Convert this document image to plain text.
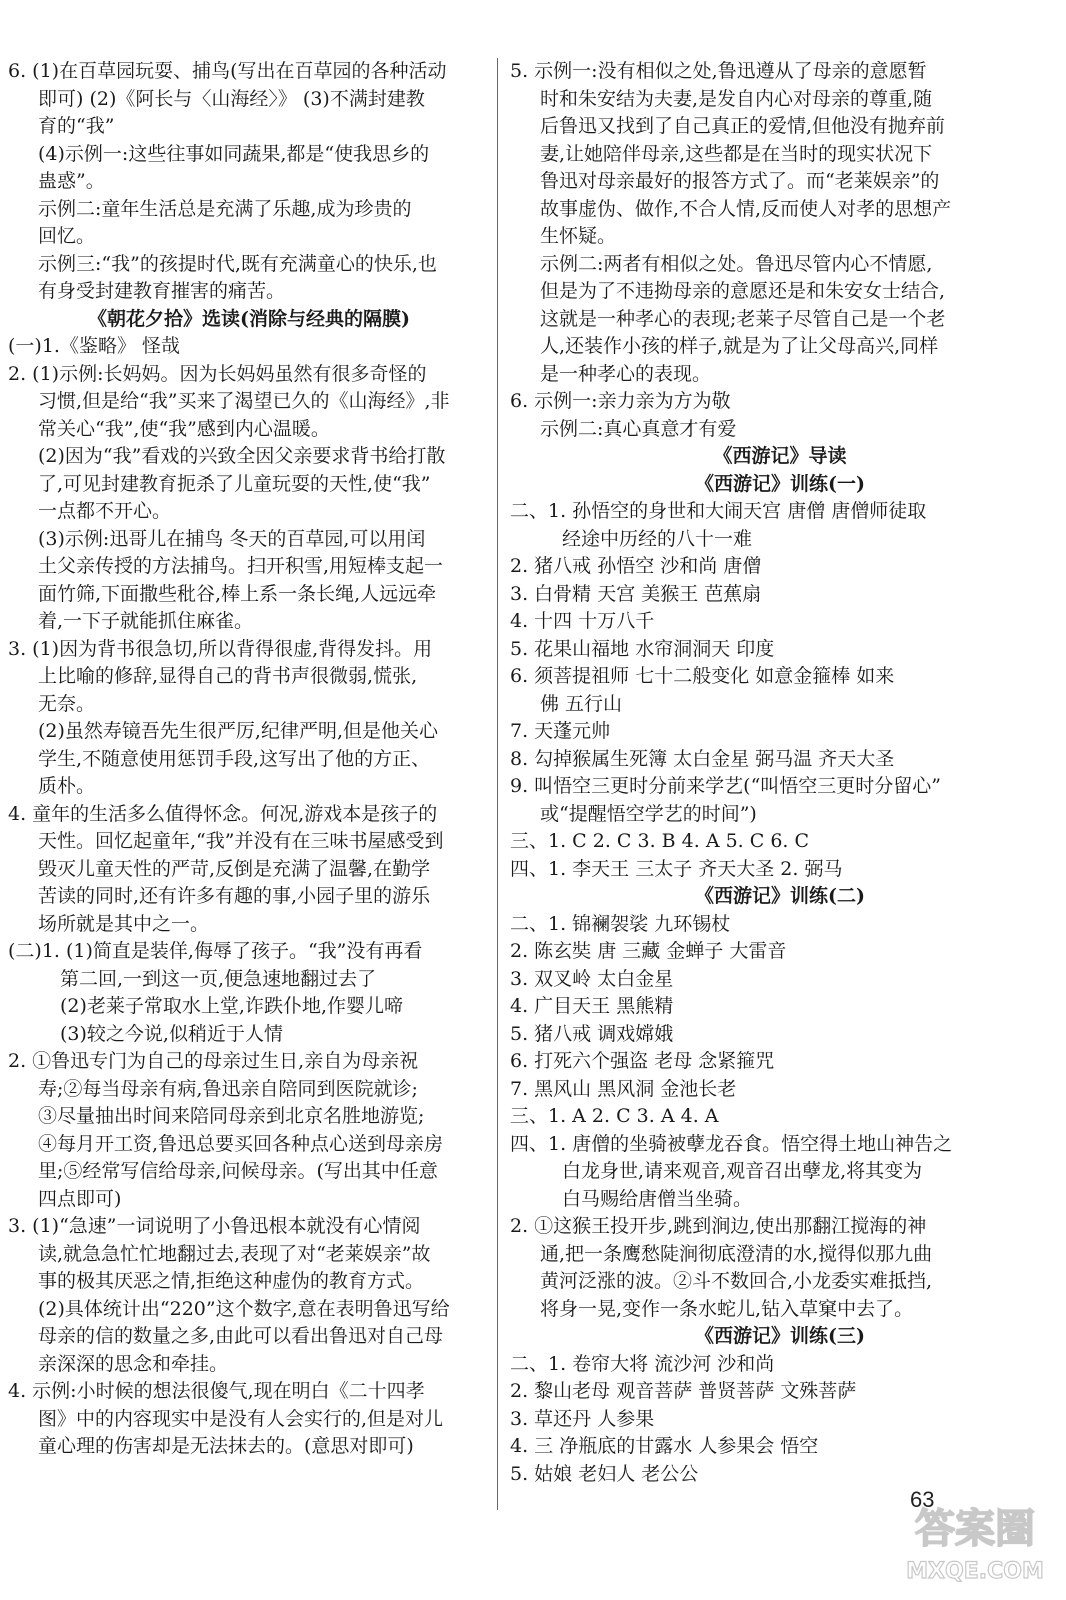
6. (1)在百草园玩耍、捕鸟(写出在百草园的各种活动
即可) (2)《阿长与〈山海经〉》 (3)不满封建教
育的“我”
(4)示例一:这些往事如同蔬果,都是“使我思乡的
蛊惑”。
示例二:童年生活总是充满了乐趣,成为珍贵的
回忆。
示例三:“我”的孩提时代,既有充满童心的快乐,也
有身受封建教育摧害的痛苦。
《朝花夕拾》选读(消除与经典的隔膜)
(一)1.《鉴略》 怪哉
2. (1)示例:长妈妈。因为长妈妈虽然有很多奇怪的
习惯,但是给“我”买来了渴望已久的《山海经》,非
常关心“我”,使“我”感到内心温暖。
(2)因为“我”看戏的兴致全因父亲要求背书给打散
了,可见封建教育扼杀了儿童玩耍的天性,使“我”
一点都不开心。
(3)示例:迅哥儿在捕鸟 冬天的百草园,可以用闰
土父亲传授的方法捕鸟。扫开积雪,用短棒支起一
面竹筛,下面撒些秕谷,棒上系一条长绳,人远远牵
着,一下子就能抓住麻雀。
3. (1)因为背书很急切,所以背得很虚,背得发抖。用
上比喻的修辞,显得自己的背书声很微弱,慌张,
无奈。
(2)虽然寿镜吾先生很严厉,纪律严明,但是他关心
学生,不随意使用惩罚手段,这写出了他的方正、
质朴。
4. 童年的生活多么值得怀念。何况,游戏本是孩子的
天性。回忆起童年,“我”并没有在三味书屋感受到
毁灭儿童天性的严苛,反倒是充满了温馨,在勤学
苦读的同时,还有许多有趣的事,小园子里的游乐
场所就是其中之一。
(二)1. (1)简直是装佯,侮辱了孩子。“我”没有再看
第二回,一到这一页,便急速地翻过去了
(2)老莱子常取水上堂,诈跌仆地,作婴儿啼
(3)较之今说,似稍近于人情
2. ①鲁迅专门为自己的母亲过生日,亲自为母亲祝
寿;②每当母亲有病,鲁迅亲自陪同到医院就诊;
③尽量抽出时间来陪同母亲到北京名胜地游览;
④每月开工资,鲁迅总要买回各种点心送到母亲房
里;⑤经常写信给母亲,问候母亲。(写出其中任意
四点即可)
3. (1)“急速”一词说明了小鲁迅根本就没有心情阅
读,就急急忙忙地翻过去,表现了对“老莱娱亲”故
事的极其厌恶之情,拒绝这种虚伪的教育方式。
(2)具体统计出“220”这个数字,意在表明鲁迅写给
母亲的信的数量之多,由此可以看出鲁迅对自己母
亲深深的思念和牵挂。
4. 示例:小时候的想法很傻气,现在明白《二十四孝
图》中的内容现实中是没有人会实行的,但是对儿
童心理的伤害却是无法抹去的。(意思对即可)
5. 示例一:没有相似之处,鲁迅遵从了母亲的意愿暂
时和朱安结为夫妻,是发自内心对母亲的尊重,随
后鲁迅又找到了自己真正的爱情,但他没有抛弃前
妻,让她陪伴母亲,这些都是在当时的现实状况下
鲁迅对母亲最好的报答方式了。而“老莱娱亲”的
故事虚伪、做作,不合人情,反而使人对孝的思想产
生怀疑。
示例二:两者有相似之处。鲁迅尽管内心不情愿,
但是为了不违拗母亲的意愿还是和朱安女士结合,
这就是一种孝心的表现;老莱子尽管自己是一个老
人,还装作小孩的样子,就是为了让父母高兴,同样
是一种孝心的表现。
6. 示例一:亲力亲为方为敬
示例二:真心真意才有爱
《西游记》导读
《西游记》训练(一)
二、1. 孙悟空的身世和大闹天宫 唐僧 唐僧师徒取
经途中历经的八十一难
2. 猪八戒 孙悟空 沙和尚 唐僧
3. 白骨精 天宫 美猴王 芭蕉扇
4. 十四 十万八千
5. 花果山福地 水帘洞洞天 印度
6. 须菩提祖师 七十二般变化 如意金箍棒 如来
佛 五行山
7. 天蓬元帅
8. 勾掉猴属生死簿 太白金星 弼马温 齐天大圣
9. 叫悟空三更时分前来学艺(“叫悟空三更时分留心”
或“提醒悟空学艺的时间”)
三、1. C 2. C 3. B 4. A 5. C 6. C
四、1. 李天王 三太子 齐天大圣 2. 弼马
《西游记》训练(二)
二、1. 锦襕袈裟 九环锡杖
2. 陈玄奘 唐 三藏 金蝉子 大雷音
3. 双叉岭 太白金星
4. 广目天王 黑熊精
5. 猪八戒 调戏嫦娥
6. 打死六个强盗 老母 念紧箍咒
7. 黑风山 黑风洞 金池长老
三、1. A 2. C 3. A 4. A
四、1. 唐僧的坐骑被孽龙吞食。悟空得土地山神告之
白龙身世,请来观音,观音召出孽龙,将其变为
白马赐给唐僧当坐骑。
2. ①这猴王投开步,跳到涧边,使出那翻江搅海的神
通,把一条鹰愁陡涧彻底澄清的水,搅得似那九曲
黄河泛涨的波。②斗不数回合,小龙委实难抵挡,
将身一晃,变作一条水蛇儿,钻入草窠中去了。
《西游记》训练(三)
二、1. 卷帘大将 流沙河 沙和尚
2. 黎山老母 观音菩萨 普贤菩萨 文殊菩萨
3. 草还丹 人参果
4. 三 净瓶底的甘露水 人参果会 悟空
5. 姑娘 老妇人 老公公
63
答案圈
MXQE.COM
